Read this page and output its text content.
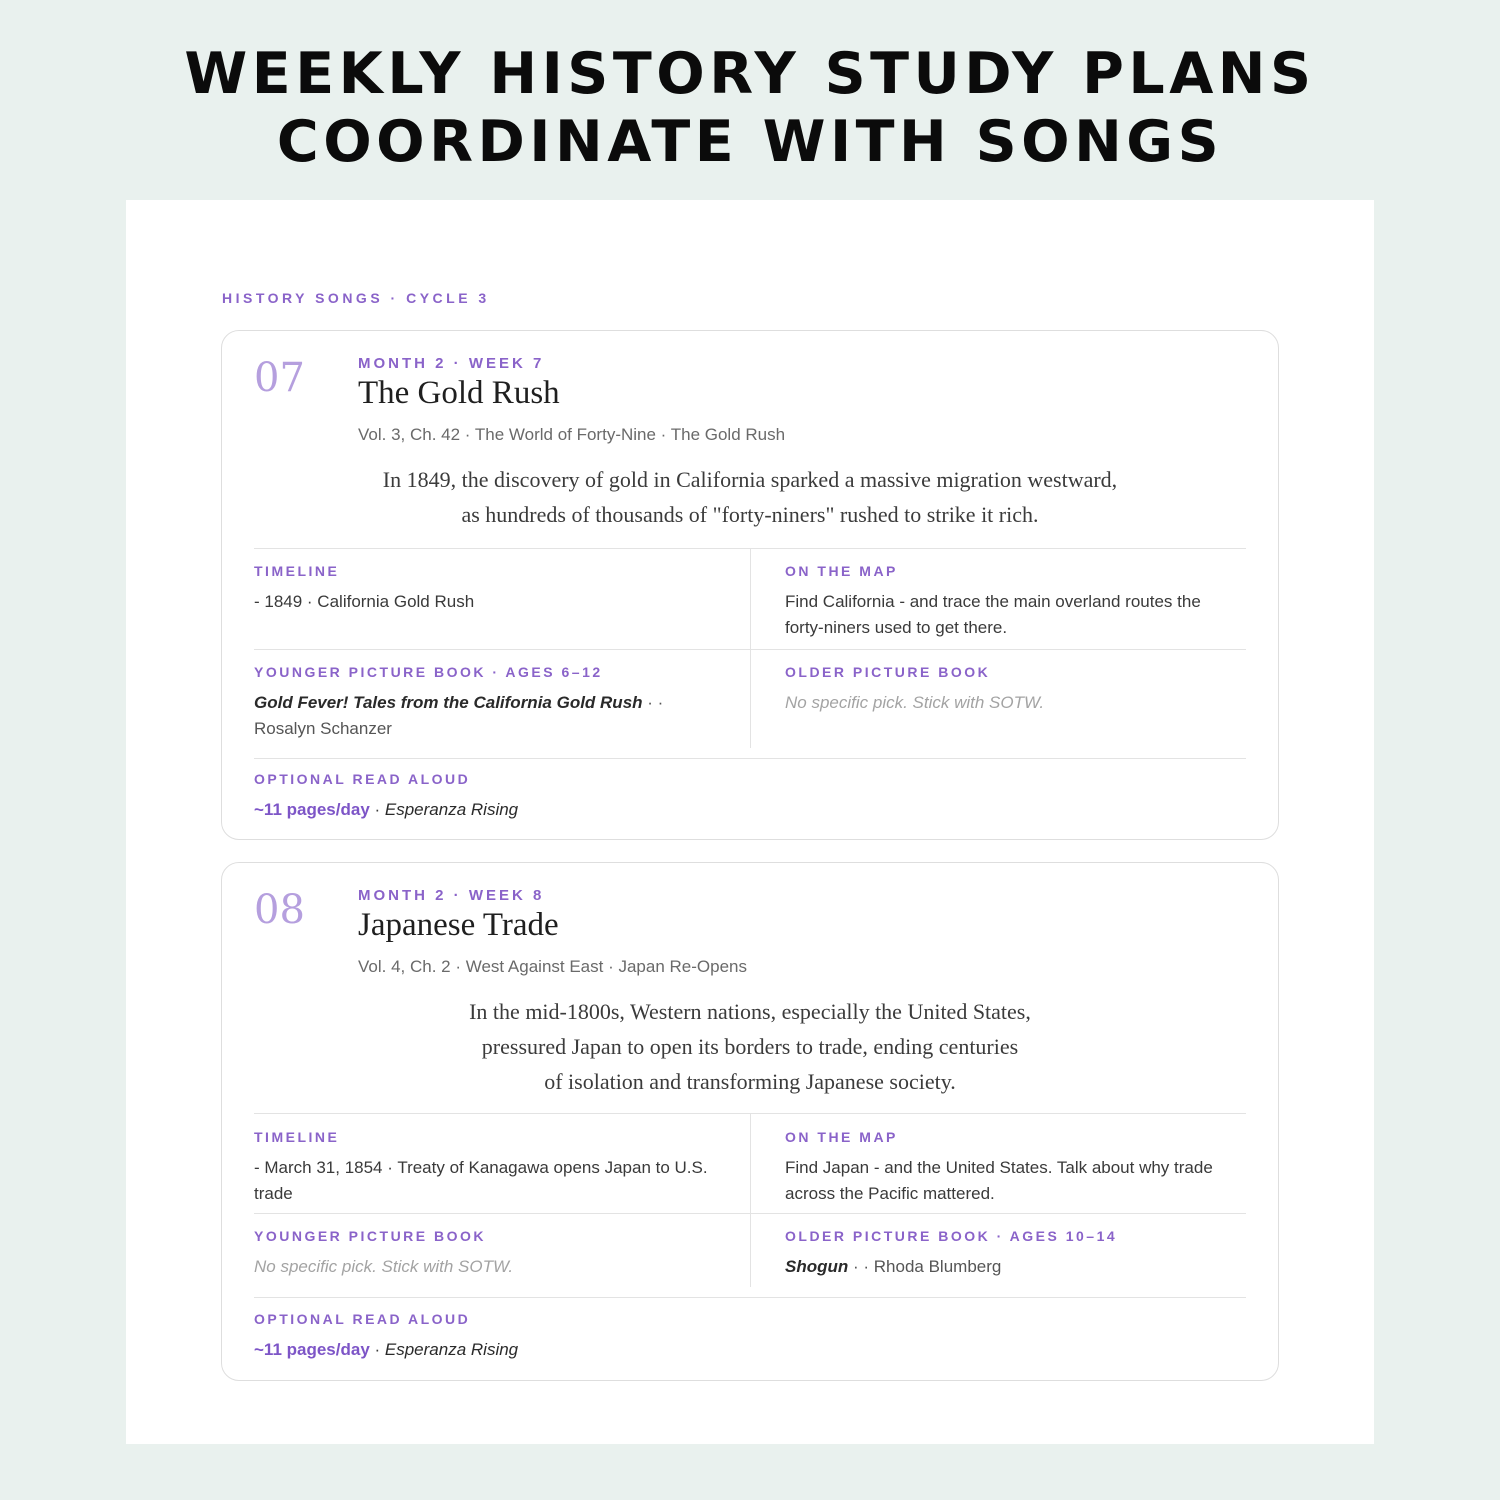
WEEKLY HISTORY STUDY PLANS
COORDINATE WITH SONGS
HISTORY SONGS · CYCLE 3
07	MONTH 2 · WEEK 7
The Gold Rush
Vol. 3, Ch. 42 · The World of Forty-Nine · The Gold Rush
In 1849, the discovery of gold in California sparked a massive migration westward,
as hundreds of thousands of "forty-niners" rushed to strike it rich.
TIMELINE
- 1849 · California Gold Rush
ON THE MAP
Find California - and trace the main overland routes the forty-niners used to get there.
YOUNGER PICTURE BOOK · AGES 6–12
Gold Fever! Tales from the California Gold Rush · · Rosalyn Schanzer
OLDER PICTURE BOOK
No specific pick. Stick with SOTW.
OPTIONAL READ ALOUD
~11 pages/day · Esperanza Rising
08	MONTH 2 · WEEK 8
Japanese Trade
Vol. 4, Ch. 2 · West Against East · Japan Re-Opens
In the mid-1800s, Western nations, especially the United States,
pressured Japan to open its borders to trade, ending centuries
of isolation and transforming Japanese society.
TIMELINE
- March 31, 1854 · Treaty of Kanagawa opens Japan to U.S. trade
ON THE MAP
Find Japan - and the United States. Talk about why trade across the Pacific mattered.
YOUNGER PICTURE BOOK
No specific pick. Stick with SOTW.
OLDER PICTURE BOOK · AGES 10–14
Shogun · · Rhoda Blumberg
OPTIONAL READ ALOUD
~11 pages/day · Esperanza Rising
